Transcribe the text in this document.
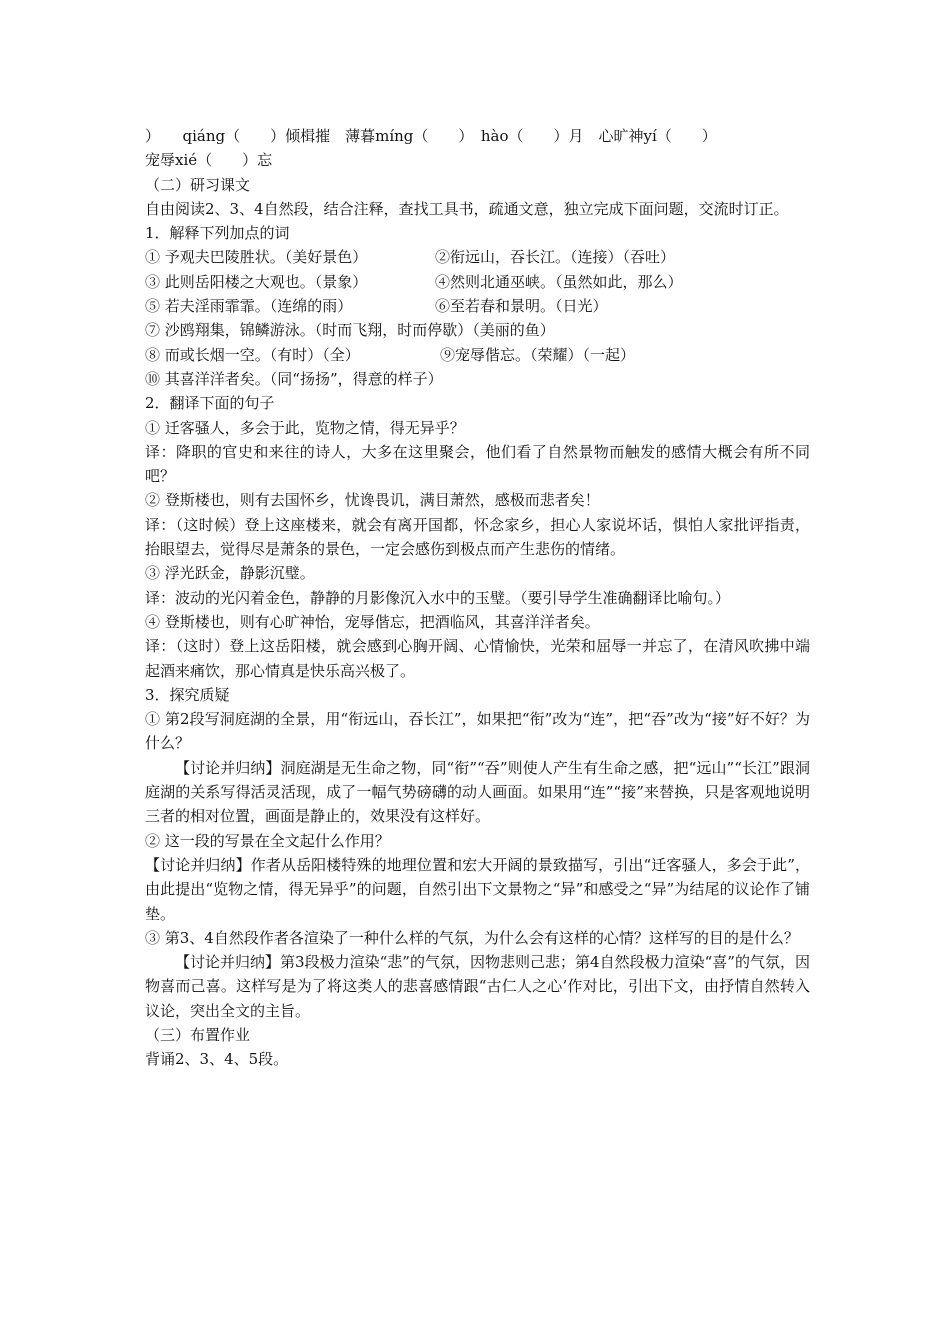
）　　qiáng（　　）倾楫摧　薄暮míng（　　）　hào（　　）月　心旷神yí（　　）

宠辱xié（　　）忘

（二）研习课文

自由阅读2、3、4自然段，结合注释，查找工具书，疏通文意，独立完成下面问题，交流时订正。

1．解释下列加点的词

① 予观夫巴陵胜状。（美好景色）	②衔远山，吞长江。（连接）（吞吐）
③ 此则岳阳楼之大观也。（景象）	④然则北通巫峡。（虽然如此，那么）
⑤ 若夫淫雨霏霏。（连绵的雨）	⑥至若春和景明。（日光）
⑦ 沙鸥翔集，锦鳞游泳。（时而飞翔，时而停歇）（美丽的鱼）
⑧ 而或长烟一空。（有时）（全）	⑨宠辱偕忘。（荣耀）（一起）
⑩ 其喜洋洋者矣。（同“扬扬”，得意的样子）

2．翻译下面的句子

① 迁客骚人，多会于此，览物之情，得无异乎？

译：降职的官史和来往的诗人，大多在这里聚会，他们看了自然景物而触发的感情大概会有所不同吧？

② 登斯楼也，则有去国怀乡，忧谗畏讥，满目萧然，感极而悲者矣！

译：（这时候）登上这座楼来，就会有离开国都，怀念家乡，担心人家说坏话，惧怕人家批评指责，抬眼望去，觉得尽是萧条的景色，一定会感伤到极点而产生悲伤的情绪。

③ 浮光跃金，静影沉璧。

译：波动的光闪着金色，静静的月影像沉入水中的玉璧。（要引导学生准确翻译比喻句。）

④ 登斯楼也，则有心旷神怡，宠辱偕忘，把酒临风，其喜洋洋者矣。

译：（这时）登上这岳阳楼，就会感到心胸开阔、心情愉快，光荣和屈辱一并忘了，在清风吹拂中端起酒来痛饮，那心情真是快乐高兴极了。

3．探究质疑

① 第2段写洞庭湖的全景，用“衔远山，吞长江”，如果把“衔”改为“连”，把“吞”改为“接”好不好？为什么？

【讨论并归纳】洞庭湖是无生命之物，同“衔”“吞”则使人产生有生命之感，把“远山”“长江”跟洞庭湖的关系写得活灵活现，成了一幅气势磅礴的动人画面。如果用“连”“接”来替换，只是客观地说明三者的相对位置，画面是静止的，效果没有这样好。

② 这一段的写景在全文起什么作用？

【讨论并归纳】作者从岳阳楼特殊的地理位置和宏大开阔的景致描写，引出“迁客骚人，多会于此”，由此提出“览物之情，得无异乎”的问题，自然引出下文景物之“异”和感受之“异”为结尾的议论作了铺垫。

③ 第3、4自然段作者各渲染了一种什么样的气氛，为什么会有这样的心情？这样写的目的是什么？

【讨论并归纳】第3段极力渲染“悲”的气氛，因物悲则己悲；第4自然段极力渲染“喜”的气氛，因物喜而己喜。这样写是为了将这类人的悲喜感情跟“古仁人之心’作对比，引出下文，由抒情自然转入议论，突出全文的主旨。

（三）布置作业

背诵2、3、4、5段。
